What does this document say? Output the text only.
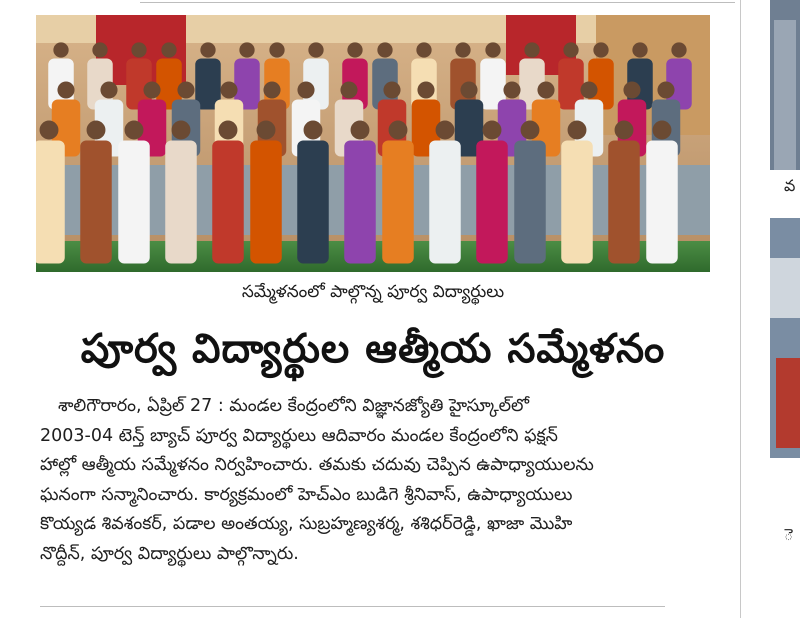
సమ్మేళనంలో పాల్గొన్న పూర్వ విద్యార్థులు
పూర్వ విద్యార్థుల ఆత్మీయ సమ్మేళనం
శాలిగౌరారం, ఏప్రిల్ 27 : మండల కేంద్రంలోని విజ్ఞానజ్యోతి హైస్కూల్‌లో
2003-04 టెన్త్ బ్యాచ్ పూర్వ విద్యార్థులు ఆదివారం మండల కేంద్రంలోని ఫక్షన్
హాల్లో ఆత్మీయ సమ్మేళనం నిర్వహించారు. తమకు చదువు చెప్పిన ఉపాధ్యాయులను
ఘనంగా సన్మానించారు. కార్యక్రమంలో హెచ్‌ఎం బుడిగె శ్రీనివాస్, ఉపాధ్యాయులు
కొయ్యడ శివశంకర్, పడాల అంతయ్య, సుబ్రహ్మణ్యశర్మ, శశిధర్‌రెడ్డి, ఖాజా మొహి
నొద్దీన్, పూర్వ విద్యార్థులు పాల్గొన్నారు.
వ
ె
